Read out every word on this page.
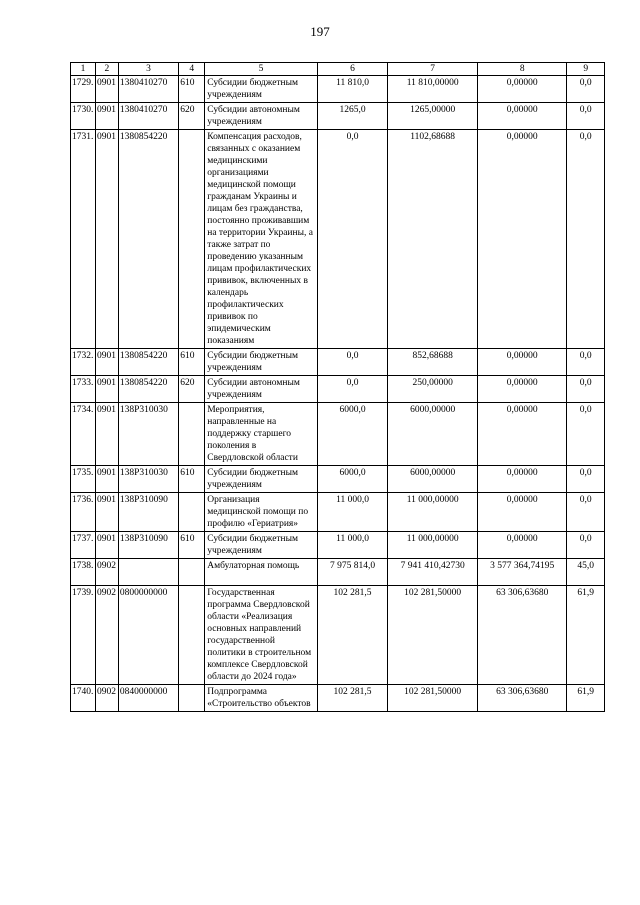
197
1	2	3	4	5	6	7	8	9
1729.	0901	1380410270	610	Субсидии бюджетным учреждениям	11 810,0	11 810,00000	0,00000	0,0
1730.	0901	1380410270	620	Субсидии автономным учреждениям	1265,0	1265,00000	0,00000	0,0
1731.	0901	1380854220		Компенсация расходов, связанных с оказанием медицинскими организациями медицинской помощи гражданам Украины и лицам без гражданства, постоянно проживавшим на территории Украины, а также затрат по проведению указанным лицам профилактических прививок, включенных в календарь профилактических прививок по эпидемическим показаниям	0,0	1102,68688	0,00000	0,0
1732.	0901	1380854220	610	Субсидии бюджетным учреждениям	0,0	852,68688	0,00000	0,0
1733.	0901	1380854220	620	Субсидии автономным учреждениям	0,0	250,00000	0,00000	0,0
1734.	0901	138P310030		Мероприятия, направленные на поддержку старшего поколения в Свердловской области	6000,0	6000,00000	0,00000	0,0
1735.	0901	138P310030	610	Субсидии бюджетным учреждениям	6000,0	6000,00000	0,00000	0,0
1736.	0901	138P310090		Организация медицинской помощи по профилю «Гериатрия»	11 000,0	11 000,00000	0,00000	0,0
1737.	0901	138P310090	610	Субсидии бюджетным учреждениям	11 000,0	11 000,00000	0,00000	0,0
1738.	0902			Амбулаторная помощь	7 975 814,0	7 941 410,42730	3 577 364,74195	45,0
1739.	0902	0800000000		Государственная программа Свердловской области «Реализация основных направлений государственной политики в строительном комплексе Свердловской области до 2024 года»	102 281,5	102 281,50000	63 306,63680	61,9
1740.	0902	0840000000		Подпрограмма «Строительство объектов	102 281,5	102 281,50000	63 306,63680	61,9
